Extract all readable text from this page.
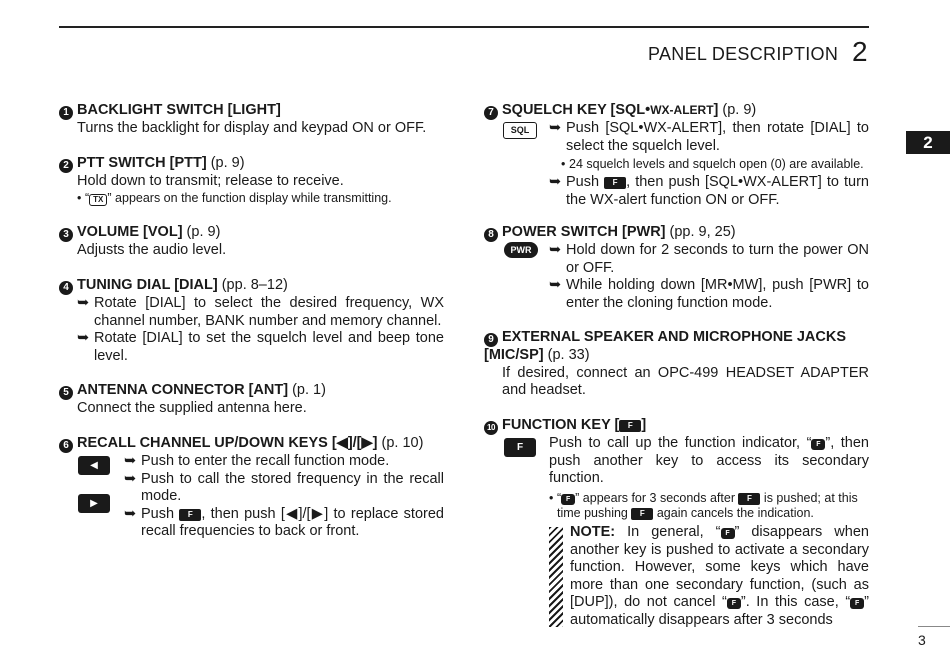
PANEL DESCRIPTION 2
2
3
1 BACKLIGHT SWITCH [LIGHT]
Turns the backlight for display and keypad ON or OFF.
2 PTT SWITCH [PTT] (p. 9)
Hold down to transmit; release to receive.
• “ TX ” appears on the function display while transmitting.
3 VOLUME [VOL] (p. 9)
Adjusts the audio level.
4 TUNING DIAL [DIAL] (pp. 8–12)
➥ Rotate [DIAL] to select the desired frequency, WX channel number, BANK number and memory channel.
➥ Rotate [DIAL] to set the squelch level and beep tone level.
5 ANTENNA CONNECTOR [ANT] (p. 1)
Connect the supplied antenna here.
6 RECALL CHANNEL UP/DOWN KEYS [◀]/[▶] (p. 10)
➥ Push to enter the recall function mode.
➥ Push to call the stored frequency in the recall mode.
➥ Push F , then push [◀]/[▶] to replace stored recall frequencies to back or front.
◀
▶
7 SQUELCH KEY [SQL•WX-ALERT] (p. 9)
➥ Push [SQL•WX-ALERT], then rotate [DIAL] to select the squelch level.
• 24 squelch levels and squelch open (0) are available.
➥ Push F , then push [SQL•WX-ALERT] to turn the WX-alert function ON or OFF.
SQL
8 POWER SWITCH [PWR] (pp. 9, 25)
➥ Hold down for 2 seconds to turn the power ON or OFF.
➥ While holding down [MR•MW], push [PWR] to enter the cloning function mode.
PWR
9 EXTERNAL SPEAKER AND MICROPHONE JACKS [MIC/SP] (p. 33)
If desired, connect an OPC-499 HEADSET ADAPTER and headset.
10 FUNCTION KEY [ F ]
Push to call up the function indicator, “ F ”, then push another key to access its secondary function.
• “ F ” appears for 3 seconds after F is pushed; at this time pushing F again cancels the indication.
F
NOTE: In general, “ F ” disappears when another key is pushed to activate a secondary function. However, some keys which have more than one secondary function, (such as [DUP]), do not cancel “ F ”. In this case, “ F ” automatically disappears after 3 seconds
